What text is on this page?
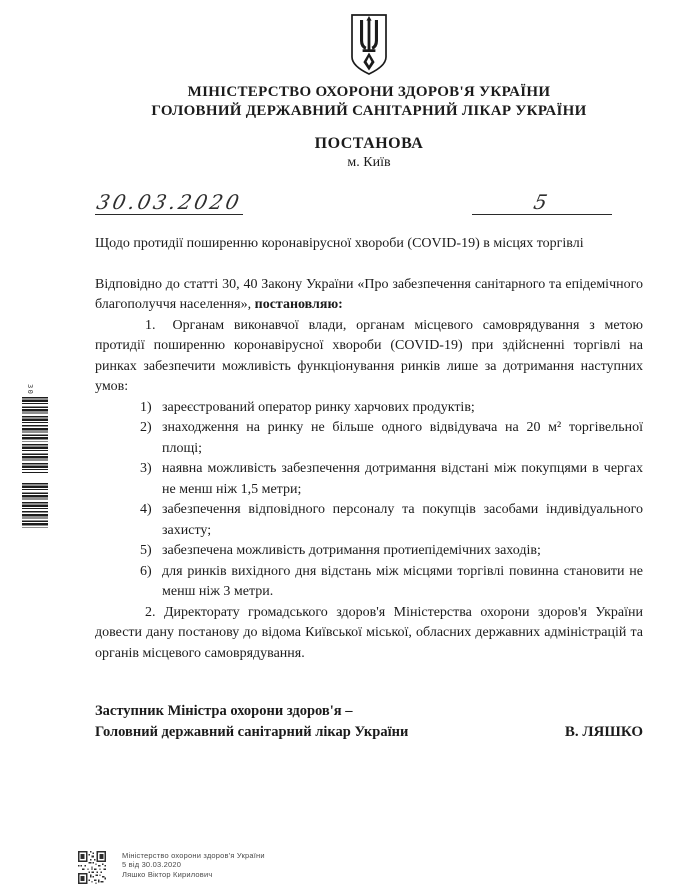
МІНІСТЕРСТВО ОХОРОНИ ЗДОРОВ'Я УКРАЇНИ
ГОЛОВНИЙ ДЕРЖАВНИЙ САНІТАРНИЙ ЛІКАР УКРАЇНИ
ПОСТАНОВА
м. Київ
30.03.2020	5

Щодо протидії поширенню коронавірусної хвороби (COVID-19) в місцях торгівлі

Відповідно до статті 30, 40 Закону України «Про забезпечення санітарного та епідемічного благополуччя населення», постановляю:

1. Органам виконавчої влади, органам місцевого самоврядування з метою протидії поширенню коронавірусної хвороби (COVID-19) при здійсненні торгівлі на ринках забезпечити можливість функціонування ринків лише за дотримання наступних умов:

1) зареєстрований оператор ринку харчових продуктів;
2) знаходження на ринку не більше одного відвідувача на 20 м² торгівельної площі;
3) наявна можливість забезпечення дотримання відстані між покупцями в чергах не менш ніж 1,5 метри;
4) забезпечення відповідного персоналу та покупців засобами індивідуального захисту;
5) забезпечена можливість дотримання протиепідемічних заходів;
6) для ринків вихідного дня відстань між місцями торгівлі повинна становити не менш ніж 3 метри.

2. Директорату громадського здоров'я Міністерства охорони здоров'я України довести дану постанову до відома Київської міської, обласних державних адміністрацій та органів місцевого самоврядування.

Заступник Міністра охорони здоров'я –
Головний державний санітарний лікар України	В. ЛЯШКО
Міністерство охорони здоров'я України
5 від 30.03.2020
Ляшко Віктор Кирилович
